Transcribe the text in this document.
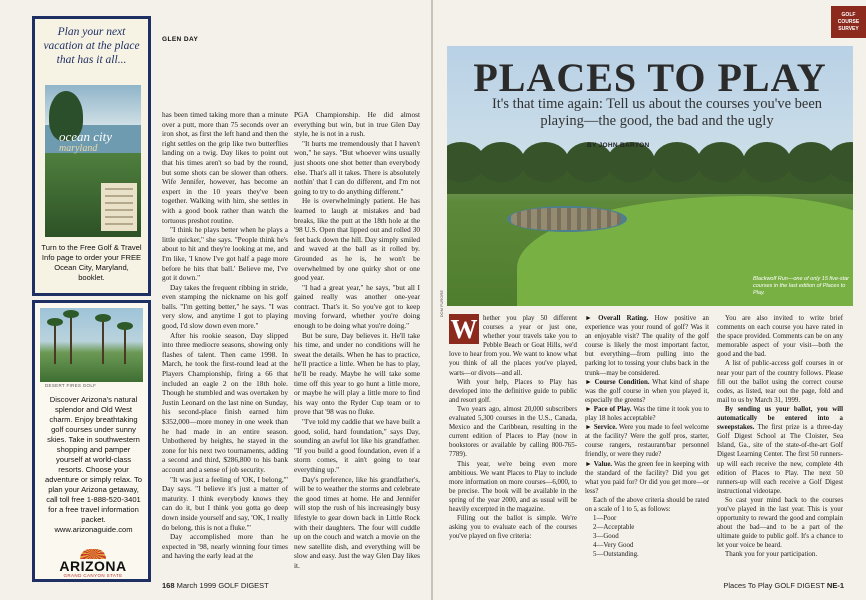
Plan your next vacation at the place that has it all...
ocean city
maryland
Turn to the Free Golf & Travel Info page to order your FREE Ocean City, Maryland, booklet.
DESERT FIRES GOLF
Discover Arizona's natural splendor and Old West charm. Enjoy breathtaking golf courses under sunny skies. Take in southwestern shopping and pamper yourself at world-class resorts. Choose your adventure or simply relax. To plan your Arizona getaway, call toll free 1-888-520-3401 for a free travel information packet. www.arizonaguide.com
ARIZONA
GRAND CANYON STATE
GLEN DAY

has been timed taking more than a minute over a putt, more than 75 seconds over an iron shot, as first the left hand and then the right settles on the grip like two butterflies landing on a twig. Day likes to point out that his times aren't so bad by the round, but some shots can be slower than others. Wife Jennifer, however, has become an expert in the 10 years they've been together. Walking with him, she settles in with a good book rather than watch the tortuous preshot routine.

"I think he plays better when he plays a little quicker," she says. "People think he's about to hit and they're looking at me, and I'm like, 'I know I've got half a page more before he hits that ball.' Believe me, I've got it down."

Day takes the frequent ribbing in stride, even stamping the nickname on his golf balls. "I'm getting better," he says. "I was very slow, and anytime I got to playing good, I'd slow down even more."

After his rookie season, Day slipped into three mediocre seasons, showing only flashes of talent. Then came 1998. In March, he took the first-round lead at the Players Championship, firing a 66 that included an eagle 2 on the 18th hole. Though he stumbled and was overtaken by Justin Leonard on the last nine on Sunday, his second-place finish earned him $352,000—more money in one week than he had made in an entire season. Unbothered by heights, he stayed in the zone for his next two tournaments, adding a second and third, $286,800 to his bank account and a sense of job security.

"It was just a feeling of 'OK, I belong,'" Day says. "I believe it's just a matter of maturity. I think everybody knows they can do it, but I think you gotta go deep down inside yourself and say, 'OK, I really do belong, this is not a fluke.'"

Day accomplished more than he expected in '98, nearly winning four times and having the early lead at the

PGA Championship. He did almost everything but win, but in true Glen Day style, he is not in a rush.

"It hurts me tremendously that I haven't won," he says. "But whoever wins usually just shoots one shot better than everybody else. That's all it takes. There is absolutely nothin' that I can do different, and I'm not going to try to do anything different."

He is overwhelmingly patient. He has learned to laugh at mistakes and bad breaks, like the putt at the 18th hole at the '98 U.S. Open that lipped out and rolled 30 feet back down the hill. Day simply smiled and waved at the ball as it rolled by. Grounded as he is, he won't be overwhelmed by one quirky shot or one good year.

"I had a great year," he says, "but all I gained really was another one-year contract. That's it. So you've got to keep moving forward, whether you're doing enough to be doing what you're doing."

But be sure, Day believes it. He'll take his time, and under no conditions will he sweat the details. When he has to practice, he'll practice a little. When he has to play, he'll be ready. Maybe he will take some time off this year to go hunt a little more, or maybe he will play a little more to find his way onto the Ryder Cup team or to prove that '98 was no fluke.

"I've told my caddie that we have built a good, solid, hard foundation," says Day, sounding an awful lot like his grandfather. "If you build a good foundation, even if a storm comes, it ain't going to tear everything up."

Day's preference, like his grandfather's, will be to weather the storms and celebrate the good times at home. He and Jennifer will stop the rush of his increasingly busy lifestyle to gear down back in Little Rock with their daughters. The four will cuddle up on the couch and watch a movie on the new satellite dish, and everything will be slow and easy. Just the way Glen Day likes it.

168 March 1999 GOLF DIGEST
GOLF COURSE SURVEY
PLACES TO PLAY
It's that time again: Tell us about the courses you've been playing—the good, the bad and the ugly
BY JOHN BARTON
Blackwolf Run—one of only 15 five-star courses in the last edition of Places to Play.
DOM FURORE

hether you play 50 different courses a year or just one, whether your travels take you to Pebble Beach or Goat Hills, we'd love to hear from you. We want to know what you think of all the places you've played, warts—or divots—and all.

With your help, Places to Play has developed into the definitive guide to public and resort golf.

Two years ago, almost 20,000 subscribers evaluated 5,300 courses in the U.S., Canada, Mexico and the Caribbean, resulting in the current edition of Places to Play (now in bookstores or available by calling 800-765-7789).

This year, we're being even more ambitious. We want Places to Play to include more information on more courses—6,000, to be precise. The book will be available in the spring of the year 2000, and as usual will be heavily excerpted in the magazine.

Filling out the ballot is simple. We're asking you to evaluate each of the courses you've played on five criteria:

W	► Overall Rating. How positive an experience was your round of golf? Was it an enjoyable visit? The quality of the golf course is likely the most important factor, but everything—from pulling into the parking lot to tossing your clubs back in the trunk—may be considered.

► Course Condition. What kind of shape was the golf course in when you played it, especially the greens?

► Pace of Play. Was the time it took you to play 18 holes acceptable?

► Service. Were you made to feel welcome at the facility? Were the golf pros, starter, course rangers, restaurant/bar personnel friendly, or were they rude?

► Value. Was the green fee in keeping with the standard of the facility? Did you get what you paid for? Or did you get more—or less?

Each of the above criteria should be rated on a scale of 1 to 5, as follows:

1—Poor
2—Acceptable
3—Good
4—Very Good
5—Outstanding.

You are also invited to write brief comments on each course you have rated in the space provided. Comments can be on any memorable aspect of your visit—both the good and the bad.

A list of public-access golf courses in or near your part of the country follows. Please fill out the ballot using the correct course codes, as listed, tear out the page, fold and mail to us by March 31, 1999.

By sending us your ballot, you will automatically be entered into a sweepstakes. The first prize is a three-day Golf Digest School at The Cloister, Sea Island, Ga., site of the state-of-the-art Golf Digest Learning Center. The first 50 runners-up will each receive the new, complete 4th edition of Places to Play. The next 50 runners-up will each receive a Golf Digest instructional videotape.

So cast your mind back to the courses you've played in the last year. This is your opportunity to reward the good and complain about the bad—and to be a part of the ultimate guide to public golf. It's a chance to let your voice be heard.

Thank you for your participation.

Places To Play GOLF DIGEST NE-1
